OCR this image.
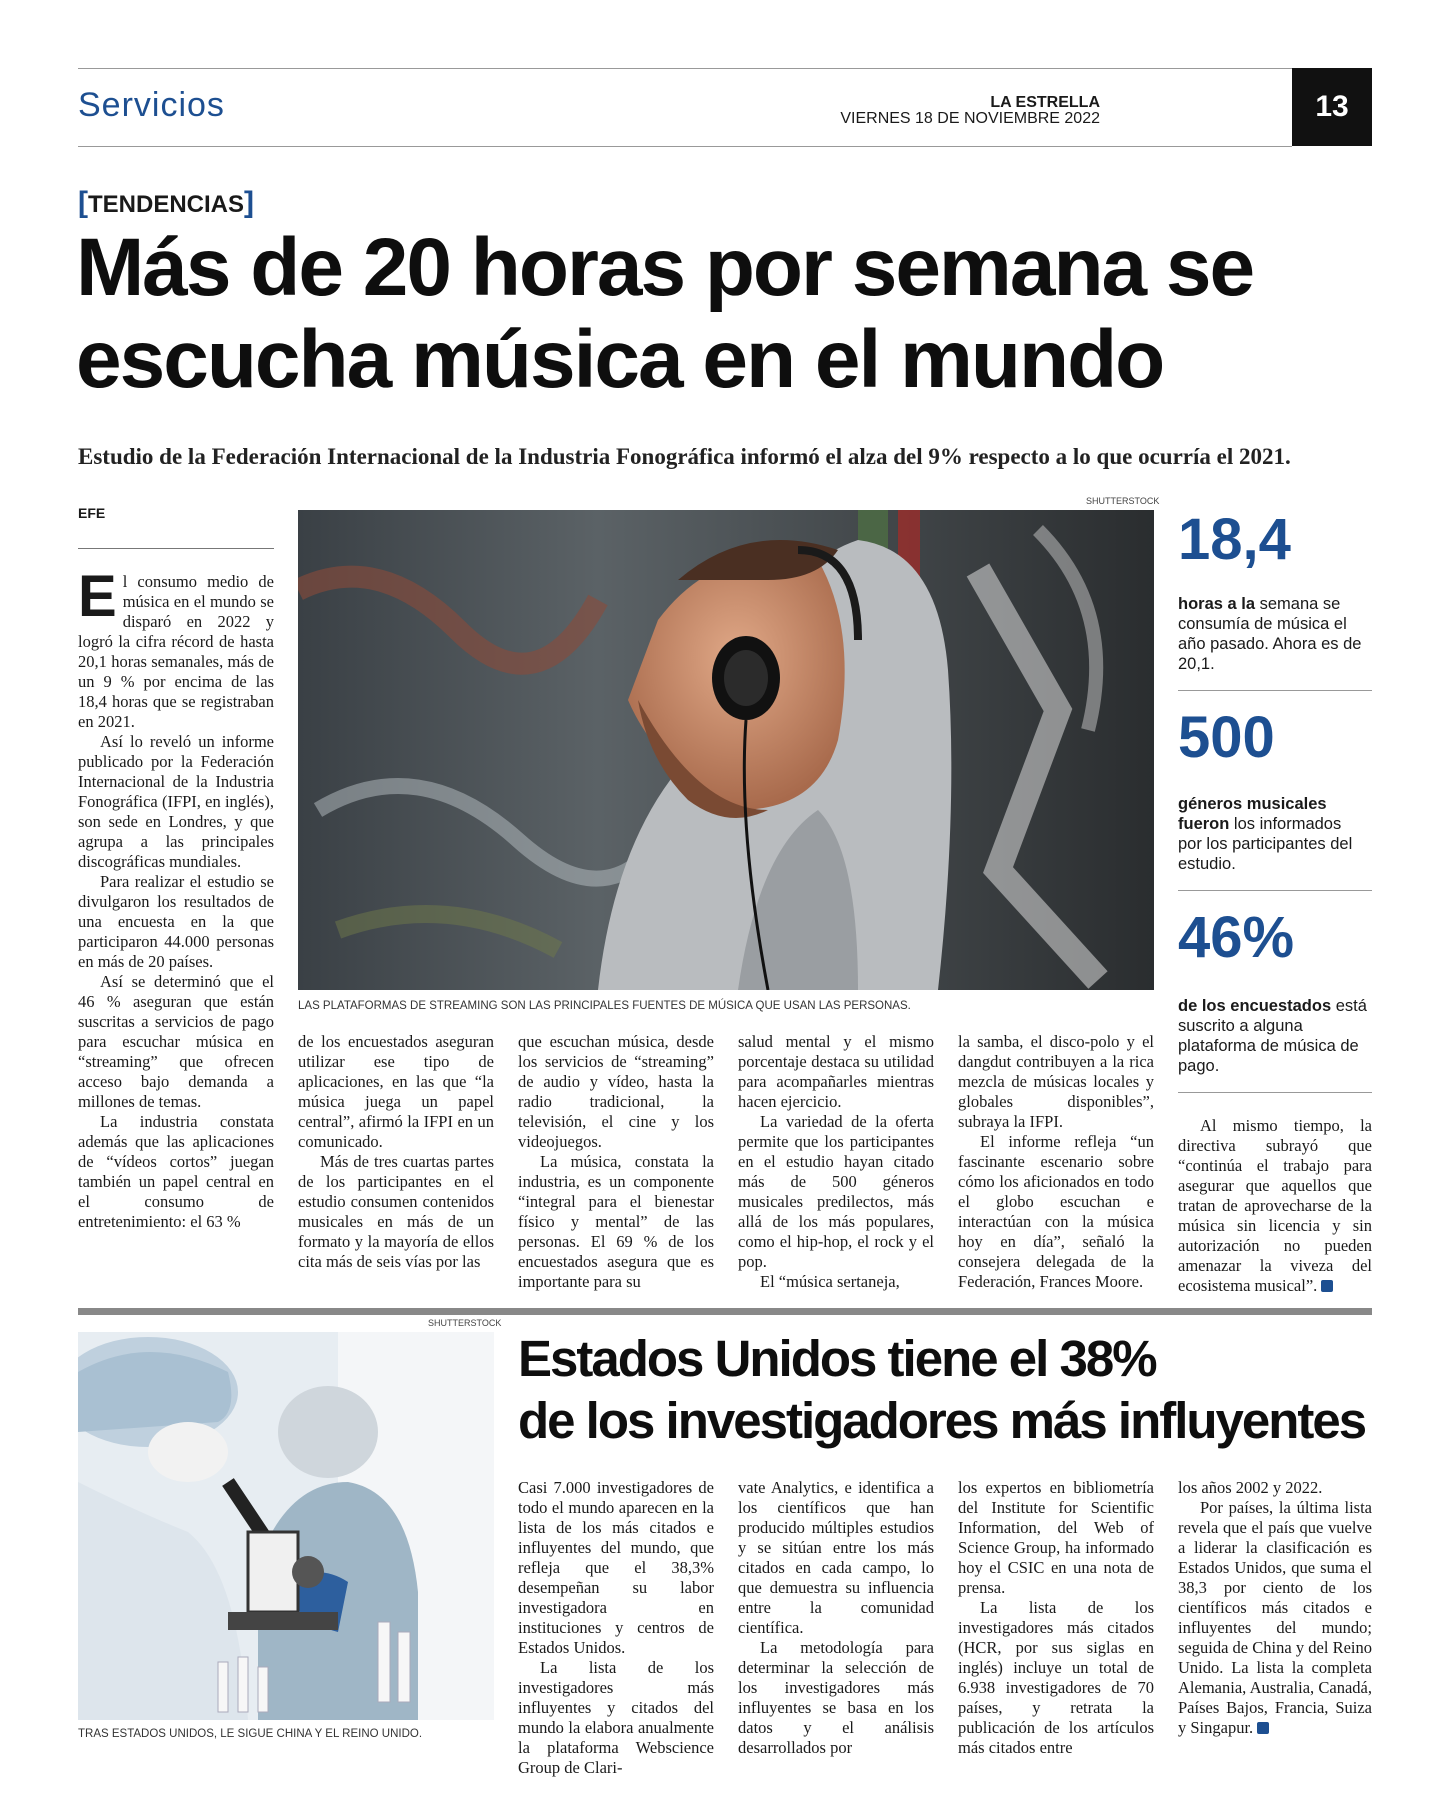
Servicios	LA ESTRELLA
VIERNES 18 DE NOVIEMBRE 2022	13
[TENDENCIAS]
Más de 20 horas por semana se
escucha música en el mundo
Estudio de la Federación Internacional de la Industria Fonográfica informó el alza del 9% respecto a lo que ocurría el 2021.
EFE

El consumo medio de música en el mundo se disparó en 2022 y logró la cifra récord de hasta 20,1 horas semanales, más de un 9 % por encima de las 18,4 horas que se registraban en 2021.

Así lo reveló un informe publicado por la Federación Internacional de la Industria Fonográfica (IFPI, en inglés), son sede en Londres, y que agrupa a las principales discográficas mundiales.

Para realizar el estudio se divulgaron los resultados de una encuesta en la que participaron 44.000 personas en más de 20 países.

Así se determinó que el 46 % aseguran que están suscritas a servicios de pago para escuchar música en “streaming” que ofrecen acceso bajo demanda a millones de temas.

La industria constata además que las aplicaciones de “vídeos cortos” juegan también un papel central en el consumo de entretenimiento: el 63 %

SHUTTERSTOCK
LAS PLATAFORMAS DE STREAMING SON LAS PRINCIPALES FUENTES DE MÚSICA QUE USAN LAS PERSONAS.

de los encuestados aseguran utilizar ese tipo de aplicaciones, en las que “la música juega un papel central”, afirmó la IFPI en un comunicado.

Más de tres cuartas partes de los participantes en el estudio consumen contenidos musicales en más de un formato y la mayoría de ellos cita más de seis vías por las

que escuchan música, desde los servicios de “streaming” de audio y vídeo, hasta la radio tradicional, la televisión, el cine y los videojuegos.

La música, constata la industria, es un componente “integral para el bienestar físico y mental” de las personas. El 69 % de los encuestados asegura que es importante para su

salud mental y el mismo porcentaje destaca su utilidad para acompañarles mientras hacen ejercicio.

La variedad de la oferta permite que los participantes en el estudio hayan citado más de 500 géneros musicales predilectos, más allá de los más populares, como el hip-hop, el rock y el pop.

El “música sertaneja,

la samba, el disco-polo y el dangdut contribuyen a la rica mezcla de músicas locales y globales disponibles”, subraya la IFPI.

El informe refleja “un fascinante escenario sobre cómo los aficionados en todo el globo escuchan e interactúan con la música hoy en día”, señaló la consejera delegada de la Federación, Frances Moore.

18,4
horas a la semana se consumía de música el año pasado. Ahora es de 20,1.
500
géneros musicales fueron los informados por los participantes del estudio.
46%
de los encuestados está suscrito a alguna plataforma de música de pago.

Al mismo tiempo, la directiva subrayó que “continúa el trabajo para asegurar que aquellos que tratan de aprovecharse de la música sin licencia y sin autorización no pueden amenazar la viveza del ecosistema musical”.

SHUTTERSTOCK
TRAS ESTADOS UNIDOS, LE SIGUE CHINA Y EL REINO UNIDO.
Estados Unidos tiene el 38%
de los investigadores más influyentes

Casi 7.000 investigadores de todo el mundo aparecen en la lista de los más citados e influyentes del mundo, que refleja que el 38,3% desempeñan su labor investigadora en instituciones y centros de Estados Unidos.

La lista de los investigadores más influyentes y citados del mundo la elabora anualmente la plataforma Webscience Group de Clari-

vate Analytics, e identifica a los científicos que han producido múltiples estudios y se sitúan entre los más citados en cada campo, lo que demuestra su influencia entre la comunidad científica.

La metodología para determinar la selección de los investigadores más influyentes se basa en los datos y el análisis desarrollados por

los expertos en bibliometría del Institute for Scientific Information, del Web of Science Group, ha informado hoy el CSIC en una nota de prensa.

La lista de los investigadores más citados (HCR, por sus siglas en inglés) incluye un total de 6.938 investigadores de 70 países, y retrata la publicación de los artículos más citados entre

los años 2002 y 2022.

Por países, la última lista revela que el país que vuelve a liderar la clasificación es Estados Unidos, que suma el 38,3 por ciento de los científicos más citados e influyentes del mundo; seguida de China y del Reino Unido. La lista la completa Alemania, Australia, Canadá, Países Bajos, Francia, Suiza y Singapur.
